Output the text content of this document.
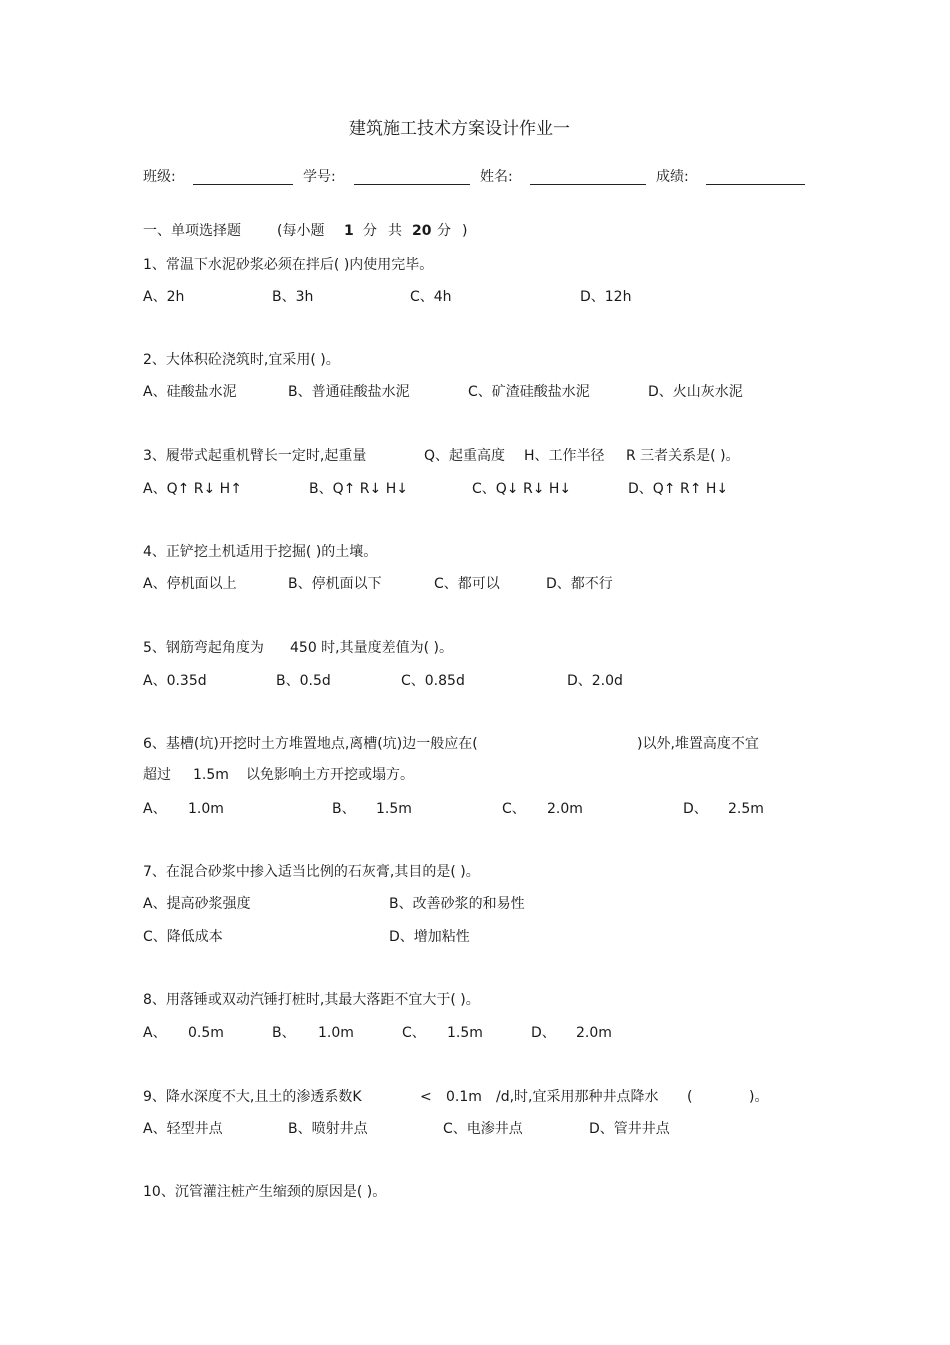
建筑施工技术方案设计作业一
班级:	学号:	姓名:	成绩:
一、单项选择题	(每小题 1 分 共 20 分 )
1、常温下水泥砂浆必须在拌后( )内使用完毕。
A、2h	B、3h	C、4h	D、12h
2、大体积砼浇筑时,宜采用( )。
A、硅酸盐水泥	B、普通硅酸盐水泥	C、矿渣硅酸盐水泥	D、火山灰水泥
3、履带式起重机臂长一定时,起重量	Q、起重高度 H、工作半径 R 三者关系是( )。
A、Q↑ R↓ H↑	B、Q↑ R↓ H↓	C、Q↓ R↓ H↓	D、Q↑ R↑ H↓
4、正铲挖土机适用于挖掘( )的土壤。
A、停机面以上	B、停机面以下	C、都可以	D、都不行
5、钢筋弯起角度为 450 时,其量度差值为( )。
A、0.35d	B、0.5d	C、0.85d	D、2.0d
6、基槽(坑)开挖时土方堆置地点,离槽(坑)边一般应在(	)以外,堆置高度不宜
超过 1.5m 以免影响土方开挖或塌方。
A、 1.0m	B、 1.5m	C、 2.0m	D、 2.5m
7、在混合砂浆中掺入适当比例的石灰膏,其目的是( )。
A、提高砂浆强度	B、改善砂浆的和易性
C、降低成本	D、增加粘性
8、用落锤或双动汽锤打桩时,其最大落距不宜大于( )。
A、 0.5m	B、 1.0m	C、 1.5m	D、 2.0m
9、降水深度不大,且土的渗透系数K	< 0.1m /d,时,宜采用那种井点降水 (	)。
A、轻型井点	B、喷射井点	C、电渗井点	D、管井井点
10、沉管灌注桩产生缩颈的原因是( )。
